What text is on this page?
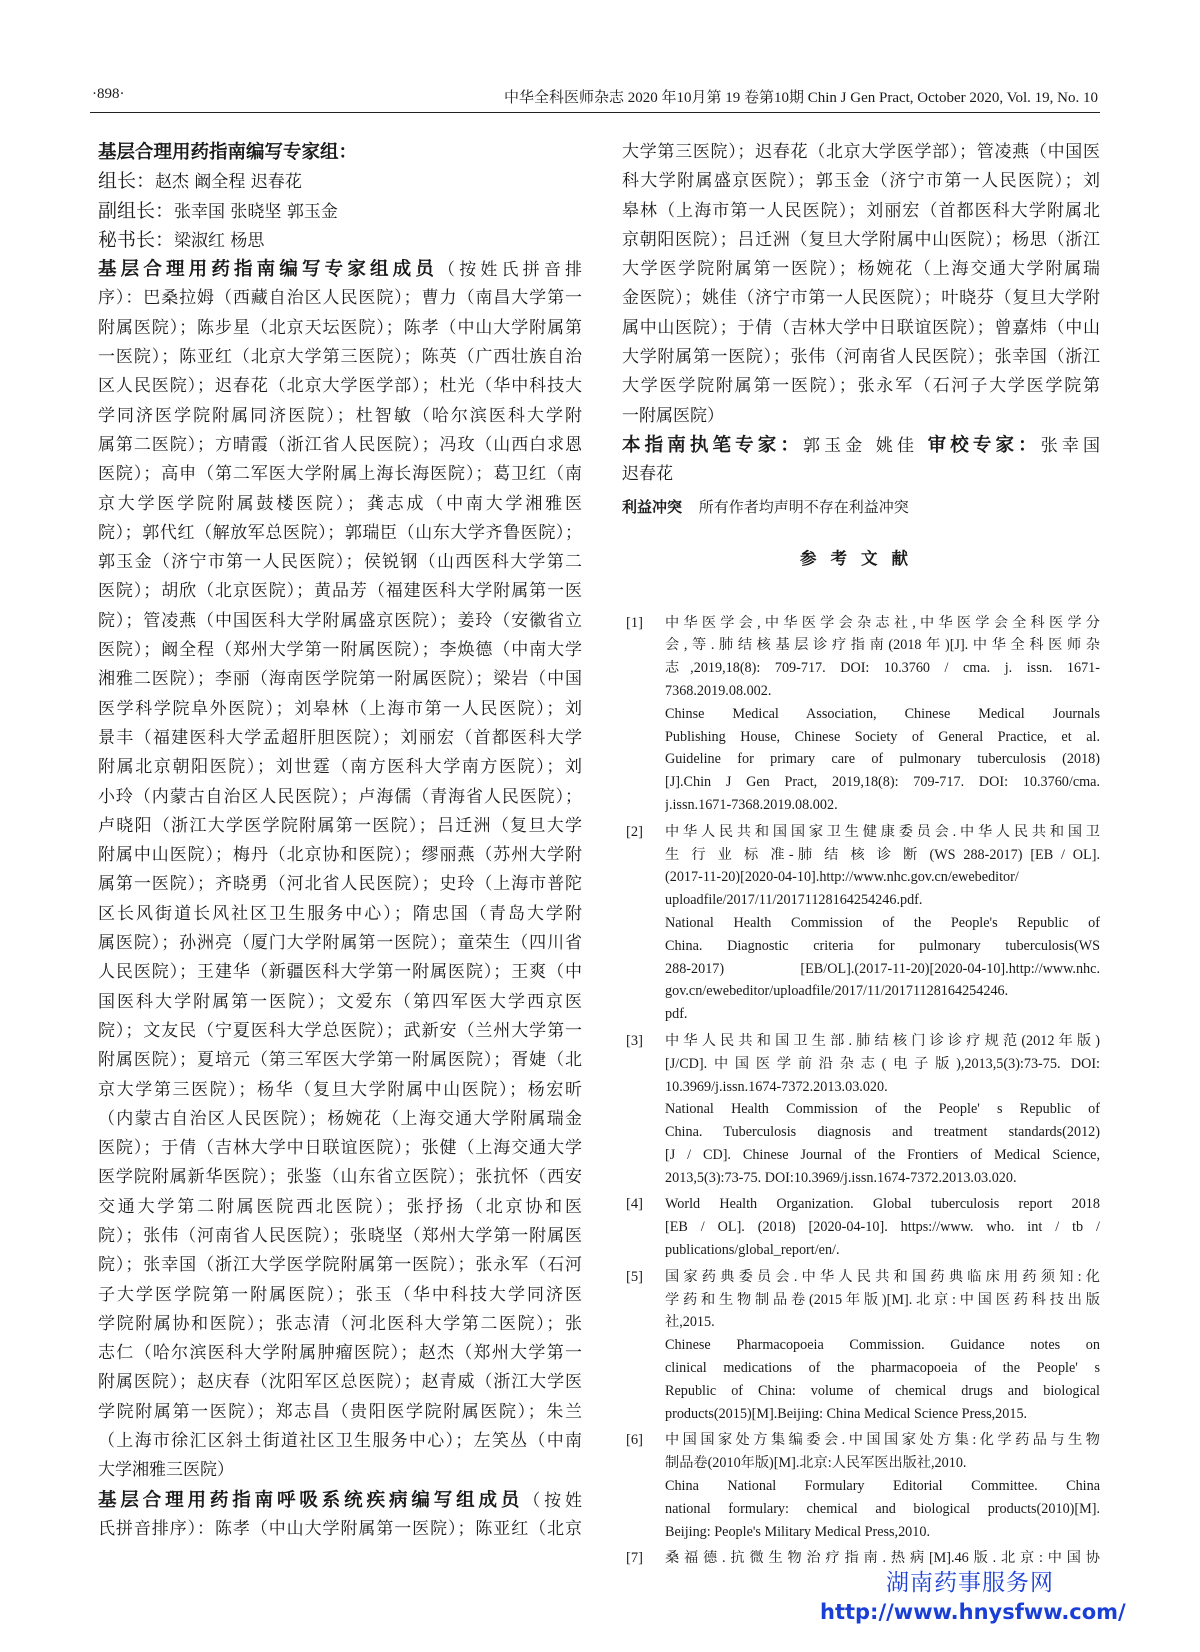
·898·	中华全科医师杂志 2020 年10月第 19 卷第10期 Chin J Gen Pract, October 2020, Vol. 19, No. 10
基层合理用药指南编写专家组：
组长：赵杰 阚全程 迟春花
副组长：张幸国 张晓坚 郭玉金
秘书长：梁淑红 杨思
基层合理用药指南编写专家组成员（按姓氏拼音排
序）：巴桑拉姆（西藏自治区人民医院）；曹力（南昌大学第一
附属医院）；陈步星（北京天坛医院）；陈孝（中山大学附属第
一医院）；陈亚红（北京大学第三医院）；陈英（广西壮族自治
区人民医院）；迟春花（北京大学医学部）；杜光（华中科技大
学同济医学院附属同济医院）；杜智敏（哈尔滨医科大学附
属第二医院）；方晴霞（浙江省人民医院）；冯玫（山西白求恩
医院）；高申（第二军医大学附属上海长海医院）；葛卫红（南
京大学医学院附属鼓楼医院）；龚志成（中南大学湘雅医
院）；郭代红（解放军总医院）；郭瑞臣（山东大学齐鲁医院）；
郭玉金（济宁市第一人民医院）；侯锐钢（山西医科大学第二
医院）；胡欣（北京医院）；黄品芳（福建医科大学附属第一医
院）；管凌燕（中国医科大学附属盛京医院）；姜玲（安徽省立
医院）；阚全程（郑州大学第一附属医院）；李焕德（中南大学
湘雅二医院）；李丽（海南医学院第一附属医院）；梁岩（中国
医学科学院阜外医院）；刘皋林（上海市第一人民医院）；刘
景丰（福建医科大学孟超肝胆医院）；刘丽宏（首都医科大学
附属北京朝阳医院）；刘世霆（南方医科大学南方医院）；刘
小玲（内蒙古自治区人民医院）；卢海儒（青海省人民医院）；
卢晓阳（浙江大学医学院附属第一医院）；吕迁洲（复旦大学
附属中山医院）；梅丹（北京协和医院）；缪丽燕（苏州大学附
属第一医院）；齐晓勇（河北省人民医院）；史玲（上海市普陀
区长风街道长风社区卫生服务中心）；隋忠国（青岛大学附
属医院）；孙洲亮（厦门大学附属第一医院）；童荣生（四川省
人民医院）；王建华（新疆医科大学第一附属医院）；王爽（中
国医科大学附属第一医院）；文爱东（第四军医大学西京医
院）；文友民（宁夏医科大学总医院）；武新安（兰州大学第一
附属医院）；夏培元（第三军医大学第一附属医院）；胥婕（北
京大学第三医院）；杨华（复旦大学附属中山医院）；杨宏昕
（内蒙古自治区人民医院）；杨婉花（上海交通大学附属瑞金
医院）；于倩（吉林大学中日联谊医院）；张健（上海交通大学
医学院附属新华医院）；张鉴（山东省立医院）；张抗怀（西安
交通大学第二附属医院西北医院）；张抒扬（北京协和医
院）；张伟（河南省人民医院）；张晓坚（郑州大学第一附属医
院）；张幸国（浙江大学医学院附属第一医院）；张永军（石河
子大学医学院第一附属医院）；张玉（华中科技大学同济医
学院附属协和医院）；张志清（河北医科大学第二医院）；张
志仁（哈尔滨医科大学附属肿瘤医院）；赵杰（郑州大学第一
附属医院）；赵庆春（沈阳军区总医院）；赵青威（浙江大学医
学院附属第一医院）；郑志昌（贵阳医学院附属医院）；朱兰
（上海市徐汇区斜土街道社区卫生服务中心）；左笑丛（中南
大学湘雅三医院）
基层合理用药指南呼吸系统疾病编写组成员（按姓
氏拼音排序）：陈孝（中山大学附属第一医院）；陈亚红（北京
大学第三医院）；迟春花（北京大学医学部）；管凌燕（中国医
科大学附属盛京医院）；郭玉金（济宁市第一人民医院）；刘
皋林（上海市第一人民医院）；刘丽宏（首都医科大学附属北
京朝阳医院）；吕迁洲（复旦大学附属中山医院）；杨思（浙江
大学医学院附属第一医院）；杨婉花（上海交通大学附属瑞
金医院）；姚佳（济宁市第一人民医院）；叶晓芬（复旦大学附
属中山医院）；于倩（吉林大学中日联谊医院）；曾嘉炜（中山
大学附属第一医院）；张伟（河南省人民医院）；张幸国（浙江
大学医学院附属第一医院）；张永军（石河子大学医学院第
一附属医院）
本指南执笔专家：郭玉金 姚佳 审校专家：张幸国
迟春花
利益冲突 所有作者均声明不存在利益冲突
参考文献
[1] 中华医学会,中华医学会杂志社,中华医学会全科医学分
会,等.肺结核基层诊疗指南(2018年)[J].中华全科医师杂
志,2019,18(8): 709-717. DOI: 10.3760 / cma. j. issn. 1671-
7368.2019.08.002.
Chinse Medical Association, Chinese Medical Journals
Publishing House, Chinese Society of General Practice, et al.
Guideline for primary care of pulmonary tuberculosis (2018)
[J].Chin J Gen Pract, 2019,18(8): 709-717. DOI: 10.3760/cma.
j.issn.1671-7368.2019.08.002.
[2] 中华人民共和国国家卫生健康委员会.中华人民共和国卫
生 行 业 标 准-肺 结 核 诊 断 (WS 288-2017) [EB / OL].
(2017-11-20)[2020-04-10].http://www.nhc.gov.cn/ewebeditor/
uploadfile/2017/11/20171128164254246.pdf.
National Health Commission of the People's Republic of
China. Diagnostic criteria for pulmonary tuberculosis(WS
288-2017) [EB/OL].(2017-11-20)[2020-04-10].http://www.nhc.
gov.cn/ewebeditor/uploadfile/2017/11/20171128164254246.
pdf.
[3] 中华人民共和国卫生部.肺结核门诊诊疗规范(2012年版)
[J/CD].中国医学前沿杂志(电子版),2013,5(3):73-75. DOI:
10.3969/j.issn.1674-7372.2013.03.020.
National Health Commission of the People' s Republic of
China. Tuberculosis diagnosis and treatment standards(2012)
[J / CD]. Chinese Journal of the Frontiers of Medical Science,
2013,5(3):73-75. DOI:10.3969/j.issn.1674-7372.2013.03.020.
[4] World Health Organization. Global tuberculosis report 2018
[EB / OL]. (2018) [2020-04-10]. https://www. who. int / tb /
publications/global_report/en/.
[5] 国家药典委员会.中华人民共和国药典临床用药须知:化
学药和生物制品卷(2015年版)[M].北京:中国医药科技出版
社,2015.
Chinese Pharmacopoeia Commission. Guidance notes on
clinical medications of the pharmacopoeia of the People' s
Republic of China: volume of chemical drugs and biological
products(2015)[M].Beijing: China Medical Science Press,2015.
[6] 中国国家处方集编委会.中国国家处方集:化学药品与生物
制品卷(2010年版)[M].北京:人民军医出版社,2010.
China National Formulary Editorial Committee. China
national formulary: chemical and biological products(2010)[M].
Beijing: People's Military Medical Press,2010.
[7] 桑福德.抗微生物治疗指南.热病[M].46版.北京:中国协
湖南药事服务网
http://www.hnysfww.com/
